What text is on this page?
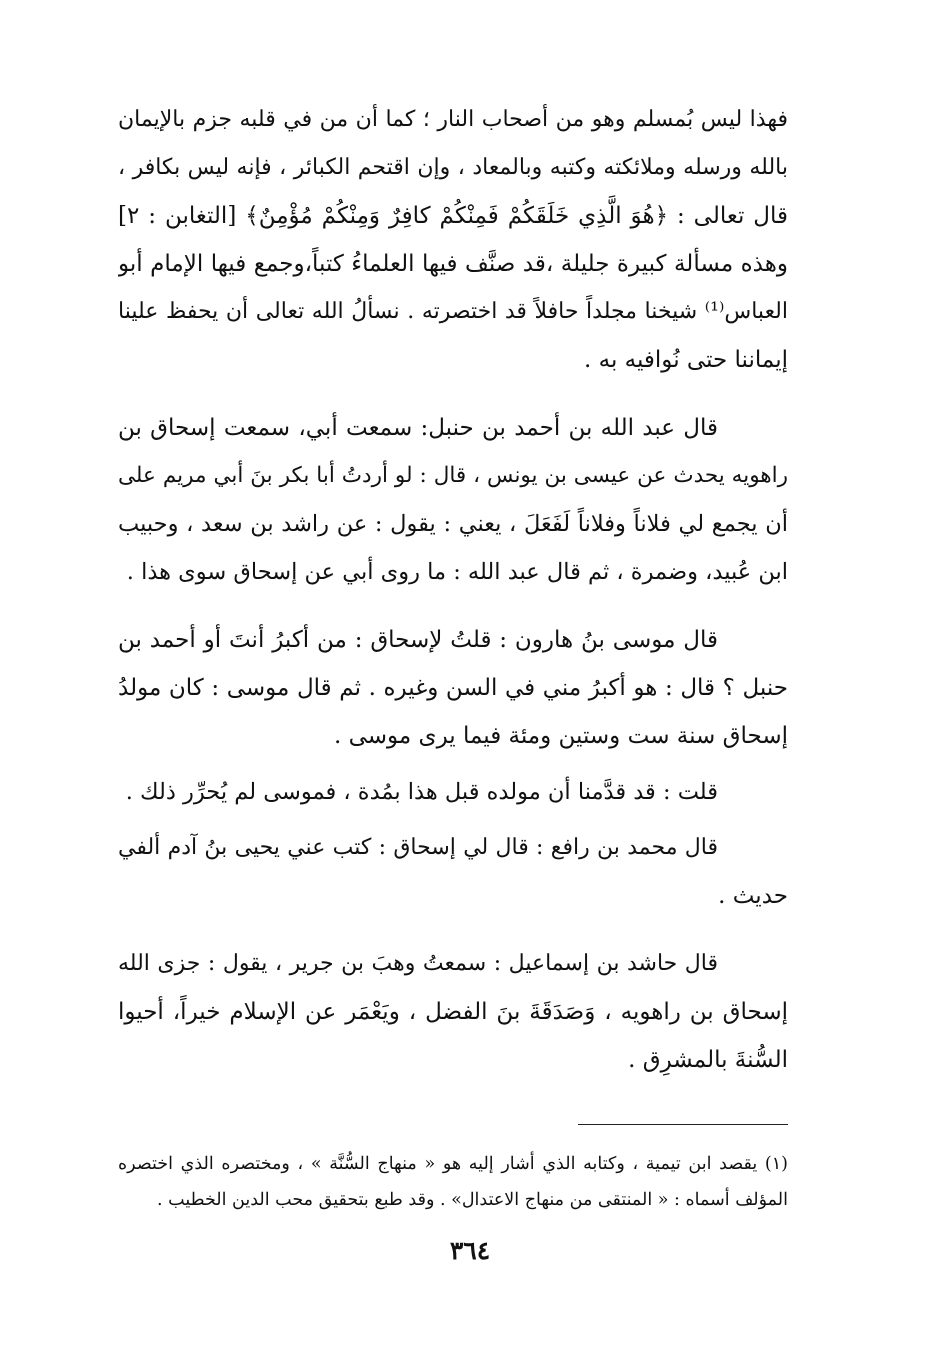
فهذا ليس بُمسلم وهو من أصحاب النار ؛ كما أن من في قلبه جزم بالإيمان
بالله ورسله وملائكته وكتبه وبالمعاد ، وإن اقتحم الكبائر ، فإنه ليس بكافر ،
قال تعالى : ﴿هُوَ الَّذِي خَلَقَكُمْ فَمِنْكُمْ كافِرٌ وَمِنْكُمْ مُؤْمِنٌ﴾ [التغابن : ٢]
وهذه مسألة كبيرة جليلة ،قد صنَّف فيها العلماءُ كتباً،وجمع فيها الإمام أبو
العباس⁽¹⁾ شيخنا مجلداً حافلاً قد اختصرته . نسألُ الله تعالى أن يحفظ علينا
إيماننا حتى نُوافيه به .
قال عبد الله بن أحمد بن حنبل: سمعت أبي، سمعت إسحاق بن
راهويه يحدث عن عيسى بن يونس ، قال : لو أردتُ أبا بكر بنَ أبي مريم على
أن يجمع لي فلاناً وفلاناً لَفَعَلَ ، يعني : يقول : عن راشد بن سعد ، وحبيب
ابن عُبيد، وضمرة ، ثم قال عبد الله : ما روى أبي عن إسحاق سوى هذا .
قال موسى بنُ هارون : قلتُ لإسحاق : من أكبرُ أنتَ أو أحمد بن
حنبل ؟ قال : هو أكبرُ مني في السن وغيره . ثم قال موسى : كان مولدُ
إسحاق سنة ست وستين ومئة فيما يرى موسى .
قلت : قد قدَّمنا أن مولده قبل هذا بمُدة ، فموسى لم يُحرِّر ذلك .
قال محمد بن رافع : قال لي إسحاق : كتب عني يحيى بنُ آدم ألفي
حديث .
قال حاشد بن إسماعيل : سمعتُ وهبَ بن جرير ، يقول : جزى الله
إسحاق بن راهويه ، وَصَدَقَةَ بنَ الفضل ، ويَعْمَر عن الإسلام خيراً، أحيوا
السُّنةَ بالمشرِق .
(١) يقصد ابن تيمية ، وكتابه الذي أشار إليه هو « منهاج السُّنَّة » ، ومختصره الذي اختصره
المؤلف أسماه : « المنتقى من منهاج الاعتدال» . وقد طبع بتحقيق محب الدين الخطيب .
٣٦٤
